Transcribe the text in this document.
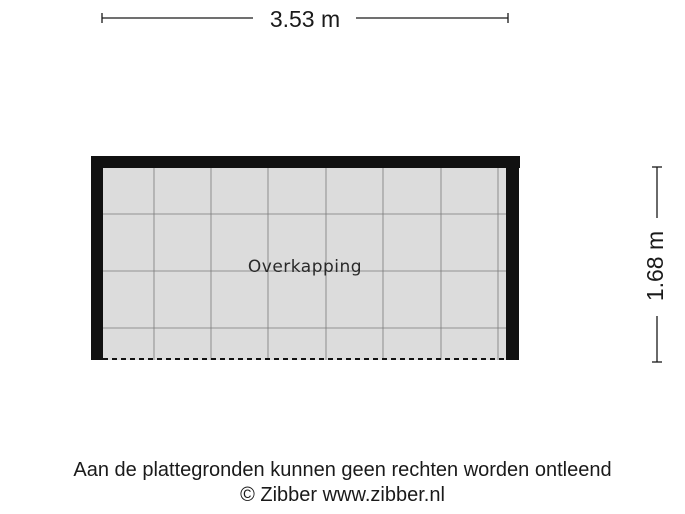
3.53 m
1.68 m
Overkapping
Aan de plattegronden kunnen geen rechten worden ontleend
© Zibber www.zibber.nl
